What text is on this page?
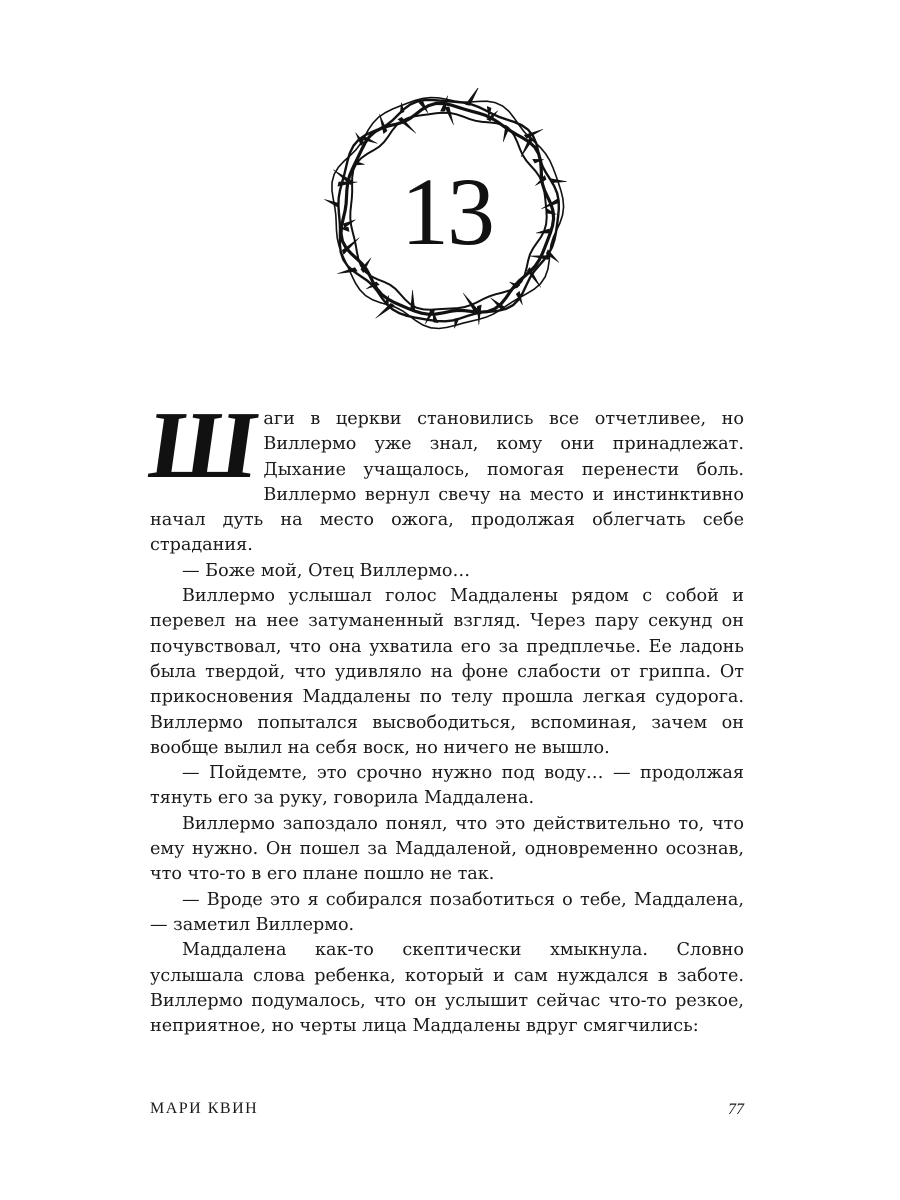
13

Шаги в церкви становились все отчетливее, но Виллермо уже знал, кому они принадлежат. Дыхание учащалось, помогая перенести боль. Виллермо вернул свечу на место и инстинктивно начал дуть на место ожога, продолжая облегчать себе страдания.

— Боже мой, Отец Виллермо…

Виллермо услышал голос Маддалены рядом с собой и перевел на нее затуманенный взгляд. Через пару секунд он почувствовал, что она ухватила его за предплечье. Ее ладонь была твердой, что удивляло на фоне слабости от гриппа. От прикосновения Маддалены по телу прошла легкая судорога. Виллермо попытался высвободиться, вспоминая, зачем он вообще вылил на себя воск, но ничего не вышло.

— Пойдемте, это срочно нужно под воду… — продолжая тянуть его за руку, говорила Маддалена.

Виллермо запоздало понял, что это действительно то, что ему нужно. Он пошел за Маддаленой, одновременно осознав, что что-то в его плане пошло не так.

— Вроде это я собирался позаботиться о тебе, Маддалена, — заметил Виллермо.

Маддалена как-то скептически хмыкнула. Словно услышала слова ребенка, который и сам нуждался в заботе. Виллермо подумалось, что он услышит сейчас что-то резкое, неприятное, но черты лица Маддалены вдруг смягчились:

МАРИ КВИН	77
